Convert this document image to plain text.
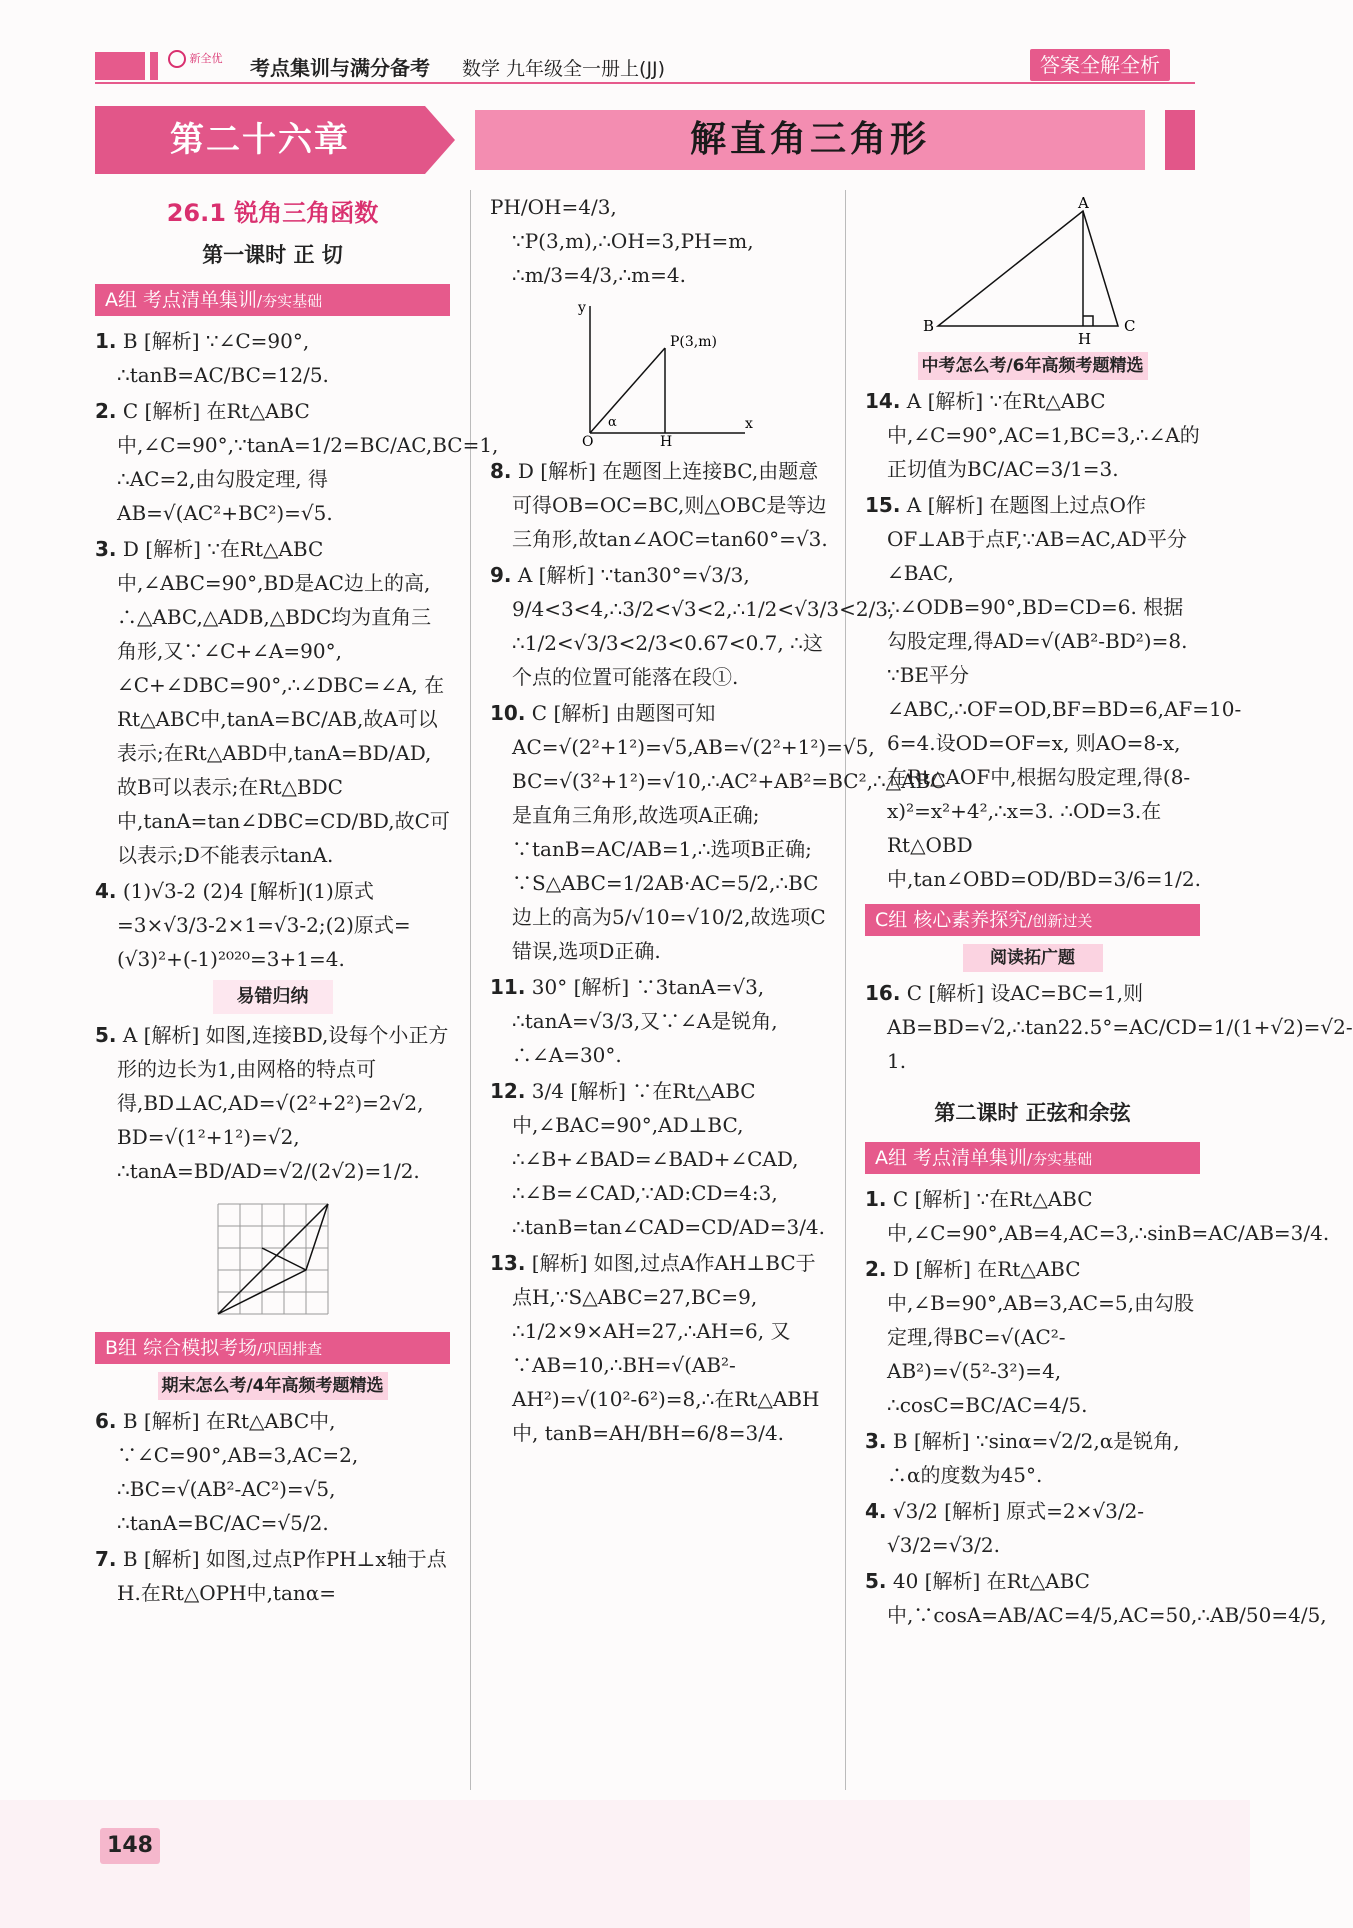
新全优	考点集训与满分备考 数学 九年级全一册上(JJ)	答案全解全析
第二十六章	解直角三角形
26.1 锐角三角函数
第一课时 正 切
A组 考点清单集训/夯实基础
1. B [解析] ∵∠C=90°, ∴tanB=AC/BC=12/5.
2. C [解析] 在Rt△ABC中,∠C=90°,∵tanA=1/2=BC/AC,BC=1, ∴AC=2,由勾股定理, 得AB=√(AC²+BC²)=√5.
3. D [解析] ∵在Rt△ABC中,∠ABC=90°,BD是AC边上的高, ∴△ABC,△ADB,△BDC均为直角三角形,又∵∠C+∠A=90°, ∠C+∠DBC=90°,∴∠DBC=∠A, 在Rt△ABC中,tanA=BC/AB,故A可以表示;在Rt△ABD中,tanA=BD/AD, 故B可以表示;在Rt△BDC中,tanA=tan∠DBC=CD/BD,故C可以表示;D不能表示tanA.
4. (1)√3-2 (2)4 [解析](1)原式=3×√3/3-2×1=√3-2;(2)原式=(√3)²+(-1)²⁰²⁰=3+1=4.
易错归纳
5. A [解析] 如图,连接BD,设每个小正方形的边长为1,由网格的特点可得,BD⊥AC,AD=√(2²+2²)=2√2, BD=√(1²+1²)=√2, ∴tanA=BD/AD=√2/(2√2)=1/2.
B组 综合模拟考场/巩固排查
期末怎么考/4年高频考题精选
6. B [解析] 在Rt△ABC中, ∵∠C=90°,AB=3,AC=2, ∴BC=√(AB²-AC²)=√5, ∴tanA=BC/AC=√5/2.
7. B [解析] 如图,过点P作PH⊥x轴于点H.在Rt△OPH中,tanα=
PH/OH=4/3, ∵P(3,m),∴OH=3,PH=m, ∴m/3=4/3,∴m=4.
O	H
x
y
P(3,m)
α
8. D [解析] 在题图上连接BC,由题意可得OB=OC=BC,则△OBC是等边三角形,故tan∠AOC=tan60°=√3.
9. A [解析] ∵tan30°=√3/3, 9/4<3<4,∴3/2<√3<2,∴1/2<√3/3<2/3, ∴1/2<√3/3<2/3<0.67<0.7, ∴这个点的位置可能落在段①.
10. C [解析] 由题图可知AC=√(2²+1²)=√5,AB=√(2²+1²)=√5, BC=√(3²+1²)=√10,∴AC²+AB²=BC²,∴△ABC是直角三角形,故选项A正确; ∵tanB=AC/AB=1,∴选项B正确; ∵S△ABC=1/2AB·AC=5/2,∴BC边上的高为5/√10=√10/2,故选项C错误,选项D正确.
11. 30° [解析] ∵3tanA=√3, ∴tanA=√3/3,又∵∠A是锐角, ∴∠A=30°.
12. 3/4 [解析] ∵在Rt△ABC中,∠BAC=90°,AD⊥BC, ∴∠B+∠BAD=∠BAD+∠CAD, ∴∠B=∠CAD,∵AD:CD=4:3, ∴tanB=tan∠CAD=CD/AD=3/4.
13. [解析] 如图,过点A作AH⊥BC于点H,∵S△ABC=27,BC=9, ∴1/2×9×AH=27,∴AH=6, 又∵AB=10,∴BH=√(AB²-AH²)=√(10²-6²)=8,∴在Rt△ABH中, tanB=AH/BH=6/8=3/4.
A
B
H
C
中考怎么考/6年高频考题精选
14. A [解析] ∵在Rt△ABC中,∠C=90°,AC=1,BC=3,∴∠A的正切值为BC/AC=3/1=3.
15. A [解析] 在题图上过点O作OF⊥AB于点F,∵AB=AC,AD平分∠BAC, ∴∠ODB=90°,BD=CD=6. 根据勾股定理,得AD=√(AB²-BD²)=8. ∵BE平分∠ABC,∴OF=OD,BF=BD=6,AF=10-6=4.设OD=OF=x, 则AO=8-x,在Rt△AOF中,根据勾股定理,得(8-x)²=x²+4²,∴x=3. ∴OD=3.在Rt△OBD中,tan∠OBD=OD/BD=3/6=1/2.
C组 核心素养探究/创新过关
阅读拓广题
16. C [解析] 设AC=BC=1,则AB=BD=√2,∴tan22.5°=AC/CD=1/(1+√2)=√2-1.
第二课时 正弦和余弦
A组 考点清单集训/夯实基础
1. C [解析] ∵在Rt△ABC中,∠C=90°,AB=4,AC=3,∴sinB=AC/AB=3/4.
2. D [解析] 在Rt△ABC中,∠B=90°,AB=3,AC=5,由勾股定理,得BC=√(AC²-AB²)=√(5²-3²)=4, ∴cosC=BC/AC=4/5.
3. B [解析] ∵sinα=√2/2,α是锐角, ∴α的度数为45°.
4. √3/2 [解析] 原式=2×√3/2-√3/2=√3/2.
5. 40 [解析] 在Rt△ABC中,∵cosA=AB/AC=4/5,AC=50,∴AB/50=4/5,
148
